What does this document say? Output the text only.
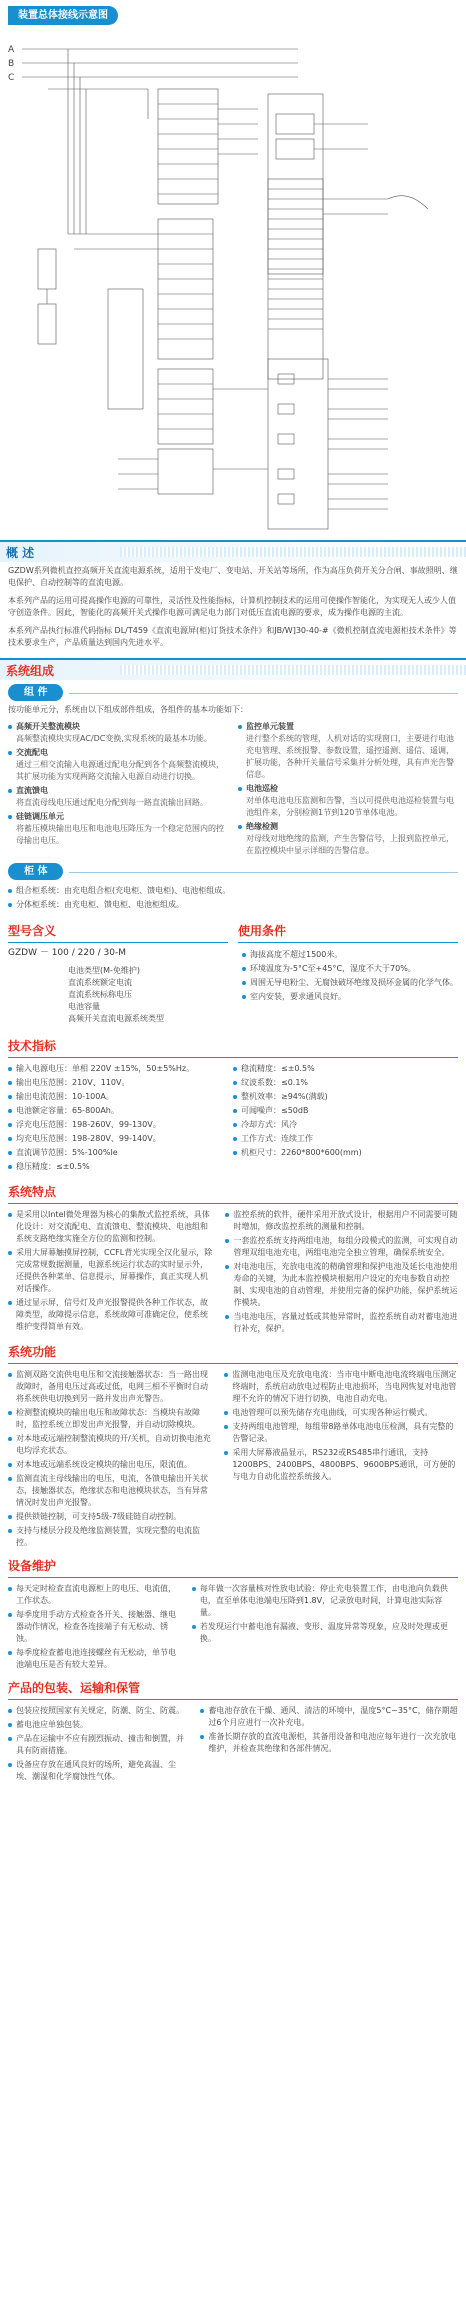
装置总体接线示意图
A
B
C
概 述

GZDW系列微机直控高频开关直流电源系统，适用于发电厂、变电站、开关站等场所，作为高压负荷开关分合闸、事故照明、继电保护、自动控制等的直流电源。

本系列产品的运用可提高操作电源的可靠性，灵活性及性能指标，计算机控制技术的运用可使操作智能化，为实现无人或少人值守创造条件。因此，智能化的高频开关式操作电源可满足电力部门对低压直流电源的要求，成为操作电源的主流。

本系列产品执行标准代码指标 DL/T459《直流电源屏(柜)订货技术条件》和JB/W]30-40-#《微机控制直流电源柜技术条件》等技术要求生产，产品质量达到国内先进水平。

系统组成
组 件

按功能单元分，系统由以下组成部件组成，各组件的基本功能如下：

高频开关整流模块
高频整流模块实现AC/DC变换,实现系统的最基本功能。
交流配电
通过三相交流输入电源通过配电分配到各个高频整流模块，其扩展功能为实现两路交流输入电源自动进行切换。
直流馈电
将直流母线电压通过配电分配到每一路直流输出回路。
硅链调压单元
将蓄压模块输出电压和电池电压降压为一个稳定范围内的控母输出电压。
监控单元装置
进行整个系统的管理，人机对话的实现窗口，主要进行电池充电管理、系统报警、参数设置，遥控遥测、遥信、遥调，扩展功能，各种开关量信号采集并分析处理，具有声光告警信息。
电池巡检
对单体电池电压监测和告警，当以可提供电池巡检装置与电池组件来，分别检测1节到120节单体电池。
绝缘检测
对母线对地绝缘的监测，产生告警信号，上报到监控单元，在监控模块中显示详细的告警信息。
柜 体
组合柜系统：由充电组合柜(充电柜、馈电柜)、电池柜组成。
分体柜系统：由充电柜、馈电柜、电池柜组成。
型号含义	使用条件
GZDW － 100 / 220 / 30-M
电池类型(M-免维护)
直流系统额定电流
直流系统标称电压
电池容量
高频开关直流电源系统类型
海拔高度不超过1500米。
环境温度为-5°C至+45°C，湿度不大于70%。
周围无导电粉尘、无腐蚀破坏绝缘及损坏金属的化学气体。
室内安装，要求通风良好。
技术指标
输入电源电压：单相 220V ±15%，50±5%Hz。
输出电压范围：210V、110V。
输出电流范围：10-100A。
电池额定容量：65-800Ah。
浮充电压范围：198-260V、99-130V。
均充电压范围：198-280V、99-140V。
直流调节范围：5%-100%Ie
稳压精度：≤±0.5%
稳流精度：≤±0.5%
纹波系数：≤0.1%
整机效率：≥94%(满载)
可闻噪声：≤50dB
冷却方式：风冷
工作方式：连续工作
机柜尺寸：2260*800*600(mm)
系统特点
是采用以Intel微处理器为核心的集散式监控系统，具体化设计：对交流配电、直流馈电、整流模块、电池组和系统支路绝缘实施全方位的监测和控制。
采用大屏幕触摸屏控制，CCFL背光实现全汉化显示，除完成常规数据测量，电源系统运行状态的实时显示外，还提供各种菜单、信息提示，屏幕操作，真正实现人机对话操作。
通过显示屏，信号灯及声光报警提供各种工作状态，故障类型，故障提示信息，系统故障可准确定位，使系统维护变得简单有效。
监控系统的软件，硬件采用开放式设计，根据用户不同需要可随时增加，修改监控系统的测量和控制。
一套监控系统支持两组电池，每组分段模式的监测，可实现自动管理双组电池充电，两组电池完全独立管理，确保系统安全。
对电池电压，充放电电流的精确管理和保护电池及延长电池使用寿命的关键，为此本监控模块根据用户设定的充电参数自动控制、实现电池的自动管理，并使用完备的保护功能，保护系统运作模块。
当电池电压，容量过低或其他异常时，监控系统自动对蓄电池进行补充，保护。
系统功能
监测双路交流供电电压和交流接触器状态：当一路出现故障时，备用电压过高或过低，电网三相不平衡时自动将系统供电切换到另一路并发出声光警告。
检测整流模块的输出电压和故障状态：当模块有故障时，监控系统立即发出声光报警，并自动切除模块。
对本地或远端控制整流模块的开/关机，自动切换电池充电均浮充状态。
对本地或远端系统设定模块的输出电压，限流值。
监测直流主母线输出的电压，电流，各馈电输出开关状态，接触器状态，绝缘状态和电池模块状态，当有异常情况时发出声光报警。
提供锁链控制，可支持5级-7级硅链自动控制。
支持与楼层分段及绝缘监测装置，实现完整的电流监控。
监测电池电压及充放电电流：当市电中断电池电流终端电压测定终端时，系统启动放电过程防止电池损坏，当电网恢复对电池管理不允许的情况下进行切换，电池自动充电。
电池管理可以预先储存充电曲线，可实现各种运行模式。
支持两组电池管理，每组带8路单体电池电压检测，具有完整的告警记录。
采用大屏幕液晶显示，RS232或RS485串行通讯，支持1200BPS、2400BPS、4800BPS、9600BPS通讯，可方便的与电力自动化监控系统接入。
设备维护
每天定时检查直流电源柜上的电压、电流值，工作状态。
每季度用手动方式检查各开关、接触器、继电器动作情况，检查各连接端子有无松动、锈蚀。
每季度检查蓄电池连接螺丝有无松动，单节电池端电压是否有较大差异。
每年做一次容量核对性放电试验：停止充电装置工作，由电池向负载供电，直至单体电池端电压降到1.8V，记录放电时间，计算电池实际容量。
若发现运行中蓄电池有漏液、变形、温度异常等现象，应及时处理或更换。
产品的包装、运输和保管
包装应按照国家有关规定，防潮、防尘、防震。
蓄电池应单独包装。
产品在运输中不应有剧烈振动、撞击和倒置，并具有防雨措施。
设备应存放在通风良好的场所，避免高温、尘埃、潮湿和化学腐蚀性气体。
蓄电池存放在干燥、通风、清洁的环境中，温度5°C~35°C，储存期超过6个月应进行一次补充电。
准备长期存放的直流电源柜，其备用设备和电池应每年进行一次充放电维护，并检查其绝缘和各部件情况。
